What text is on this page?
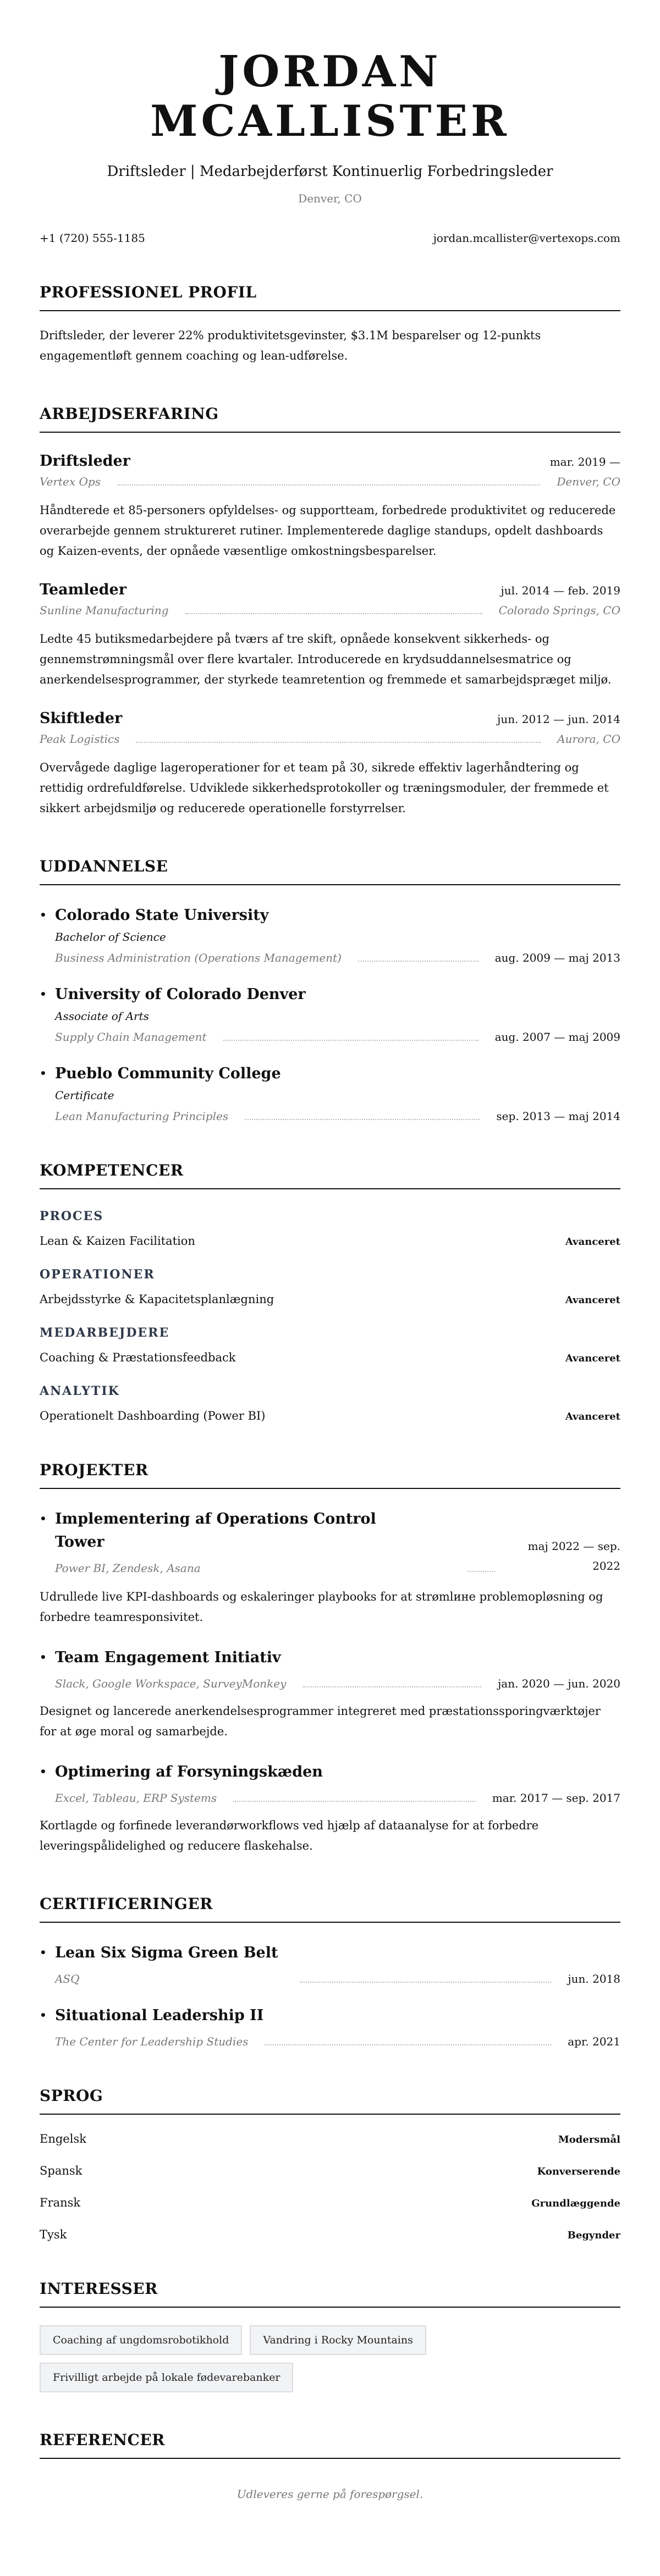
JORDAN MCALLISTER
Driftsleder | Medarbejderførst Kontinuerlig Forbedringsleder
Denver, CO
+1 (720) 555-1185	jordan.mcallister@vertexops.com
PROFESSIONEL PROFIL

Driftsleder, der leverer 22% produktivitetsgevinster, $3.1M besparelser og 12-punkts engagementløft gennem coaching og lean-udførelse.

ARBEJDSERFARING
Driftsleder	mar. 2019 —
Vertex Ops	Denver, CO

Håndterede et 85-personers opfyldelses- og supportteam, forbedrede produktivitet og reducerede overarbejde gennem struktureret rutiner. Implementerede daglige standups, opdelt dashboards og Kaizen-events, der opnåede væsentlige omkostningsbesparelser.

Teamleder	jul. 2014 — feb. 2019
Sunline Manufacturing	Colorado Springs, CO

Ledte 45 butiksmedarbejdere på tværs af tre skift, opnåede konsekvent sikkerheds- og gennemstrømningsmål over flere kvartaler. Introducerede en krydsuddannelsesmatrice og anerkendelsesprogrammer, der styrkede teamretention og fremmede et samarbejdspræget miljø.

Skiftleder	jun. 2012 — jun. 2014
Peak Logistics	Aurora, CO

Overvågede daglige lageroperationer for et team på 30, sikrede effektiv lagerhåndtering og rettidig ordrefuldførelse. Udviklede sikkerhedsprotokoller og træningsmoduler, der fremmede et sikkert arbejdsmiljø og reducerede operationelle forstyrrelser.

UDDANNELSE
• Colorado State University
Bachelor of Science
Business Administration (Operations Management)	aug. 2009 — maj 2013
• University of Colorado Denver
Associate of Arts
Supply Chain Management	aug. 2007 — maj 2009
• Pueblo Community College
Certificate
Lean Manufacturing Principles	sep. 2013 — maj 2014
KOMPETENCER
PROCES
Lean & Kaizen Facilitation	Avanceret
OPERATIONER
Arbejdsstyrke & Kapacitetsplanlægning	Avanceret
MEDARBEJDERE
Coaching & Præstationsfeedback	Avanceret
ANALYTIK
Operationelt Dashboarding (Power BI)	Avanceret
PROJEKTER
• Implementering af Operations Control Tower
Power BI, Zendesk, Asana
maj 2022 — sep. 2022

Udrullede live KPI-dashboards og eskaleringer playbooks for at strømlине problemopløsning og forbedre teamresponsivitet.

• Team Engagement Initiativ
Slack, Google Workspace, SurveyMonkey	jan. 2020 — jun. 2020

Designet og lancerede anerkendelsesprogrammer integreret med præstationssporingværktøjer for at øge moral og samarbejde.

• Optimering af Forsyningskæden
Excel, Tableau, ERP Systems	mar. 2017 — sep. 2017

Kortlagde og forfinede leverandørworkflows ved hjælp af dataanalyse for at forbedre leveringspålidelighed og reducere flaskehalse.

CERTIFICERINGER
• Lean Six Sigma Green Belt
ASQ	jun. 2018
• Situational Leadership II
The Center for Leadership Studies	apr. 2021
SPROG
Engelsk	Modersmål
Spansk	Konverserende
Fransk	Grundlæggende
Tysk	Begynder
INTERESSER
Coaching af ungdomsrobotikhold	Vandring i Rocky Mountains
Frivilligt arbejde på lokale fødevarebanker
REFERENCER
Udleveres gerne på forespørgsel.
